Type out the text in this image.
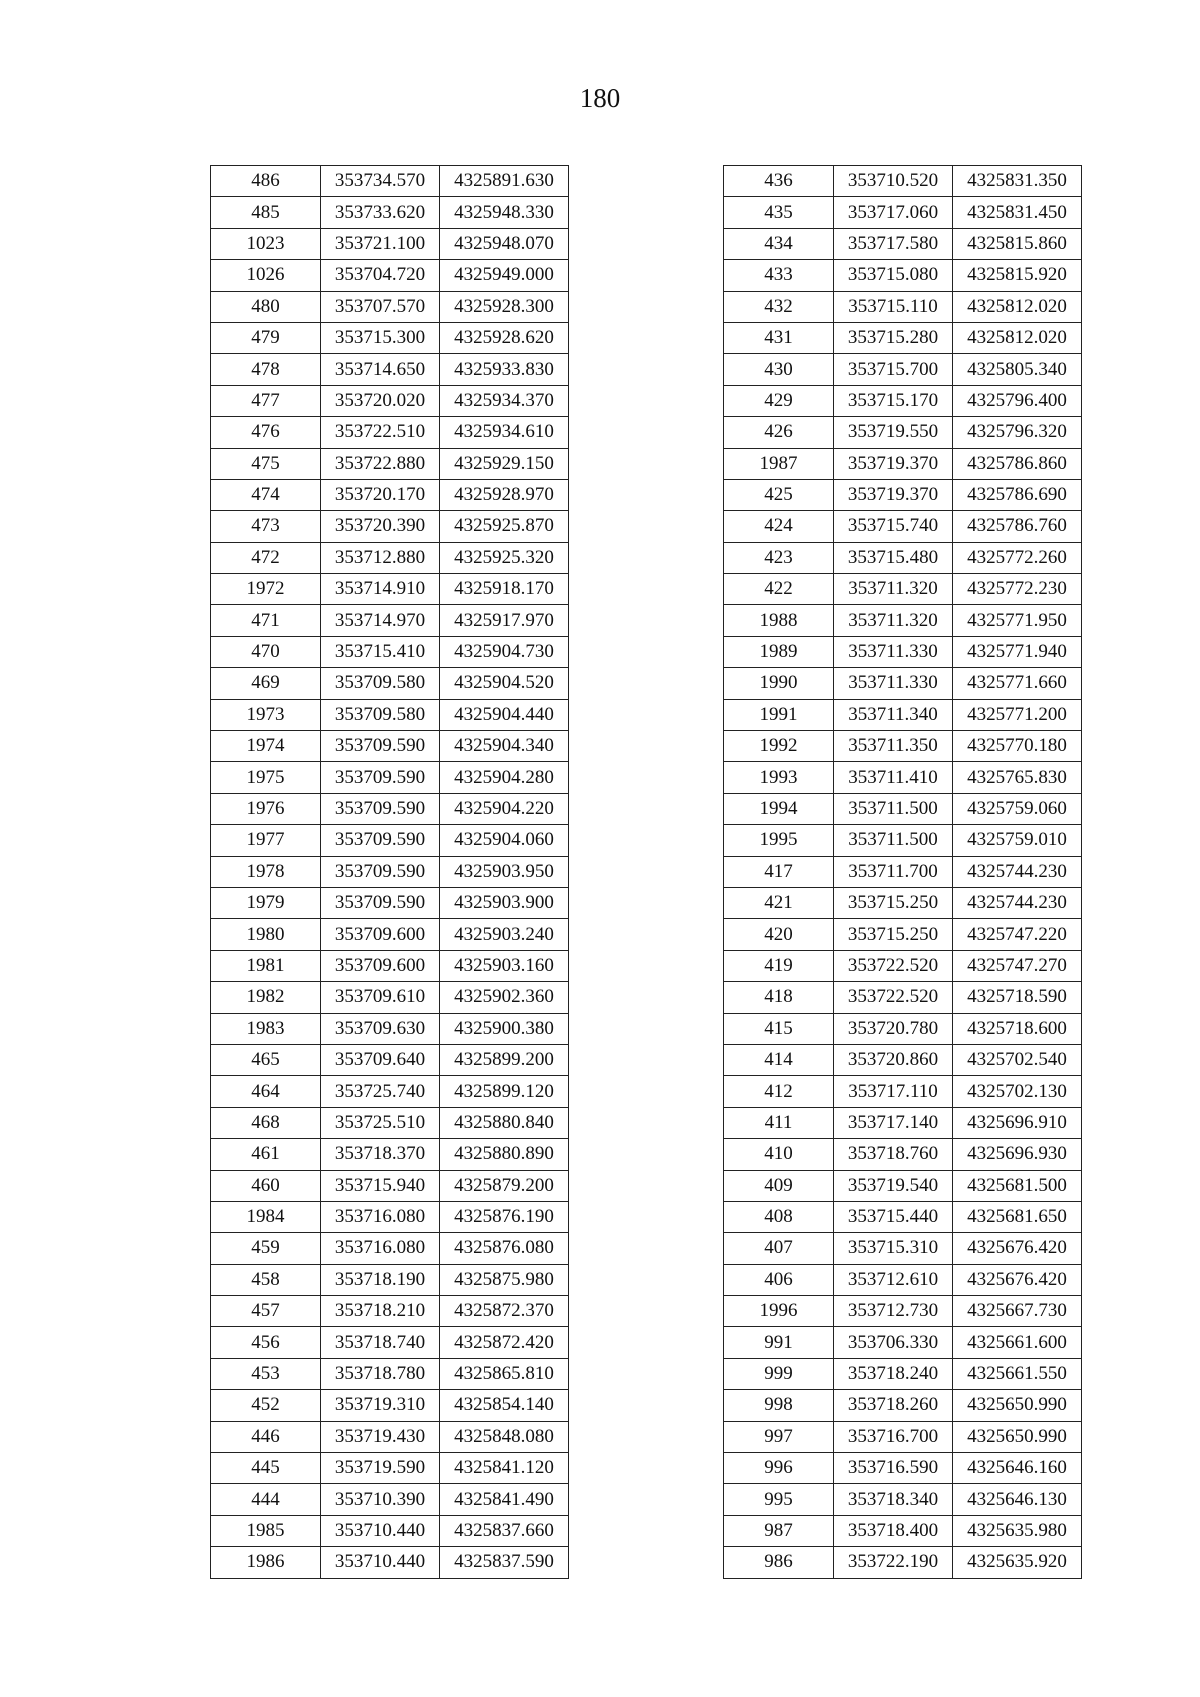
180
486	353734.570	4325891.630
485	353733.620	4325948.330
1023	353721.100	4325948.070
1026	353704.720	4325949.000
480	353707.570	4325928.300
479	353715.300	4325928.620
478	353714.650	4325933.830
477	353720.020	4325934.370
476	353722.510	4325934.610
475	353722.880	4325929.150
474	353720.170	4325928.970
473	353720.390	4325925.870
472	353712.880	4325925.320
1972	353714.910	4325918.170
471	353714.970	4325917.970
470	353715.410	4325904.730
469	353709.580	4325904.520
1973	353709.580	4325904.440
1974	353709.590	4325904.340
1975	353709.590	4325904.280
1976	353709.590	4325904.220
1977	353709.590	4325904.060
1978	353709.590	4325903.950
1979	353709.590	4325903.900
1980	353709.600	4325903.240
1981	353709.600	4325903.160
1982	353709.610	4325902.360
1983	353709.630	4325900.380
465	353709.640	4325899.200
464	353725.740	4325899.120
468	353725.510	4325880.840
461	353718.370	4325880.890
460	353715.940	4325879.200
1984	353716.080	4325876.190
459	353716.080	4325876.080
458	353718.190	4325875.980
457	353718.210	4325872.370
456	353718.740	4325872.420
453	353718.780	4325865.810
452	353719.310	4325854.140
446	353719.430	4325848.080
445	353719.590	4325841.120
444	353710.390	4325841.490
1985	353710.440	4325837.660
1986	353710.440	4325837.590
436	353710.520	4325831.350
435	353717.060	4325831.450
434	353717.580	4325815.860
433	353715.080	4325815.920
432	353715.110	4325812.020
431	353715.280	4325812.020
430	353715.700	4325805.340
429	353715.170	4325796.400
426	353719.550	4325796.320
1987	353719.370	4325786.860
425	353719.370	4325786.690
424	353715.740	4325786.760
423	353715.480	4325772.260
422	353711.320	4325772.230
1988	353711.320	4325771.950
1989	353711.330	4325771.940
1990	353711.330	4325771.660
1991	353711.340	4325771.200
1992	353711.350	4325770.180
1993	353711.410	4325765.830
1994	353711.500	4325759.060
1995	353711.500	4325759.010
417	353711.700	4325744.230
421	353715.250	4325744.230
420	353715.250	4325747.220
419	353722.520	4325747.270
418	353722.520	4325718.590
415	353720.780	4325718.600
414	353720.860	4325702.540
412	353717.110	4325702.130
411	353717.140	4325696.910
410	353718.760	4325696.930
409	353719.540	4325681.500
408	353715.440	4325681.650
407	353715.310	4325676.420
406	353712.610	4325676.420
1996	353712.730	4325667.730
991	353706.330	4325661.600
999	353718.240	4325661.550
998	353718.260	4325650.990
997	353716.700	4325650.990
996	353716.590	4325646.160
995	353718.340	4325646.130
987	353718.400	4325635.980
986	353722.190	4325635.920
